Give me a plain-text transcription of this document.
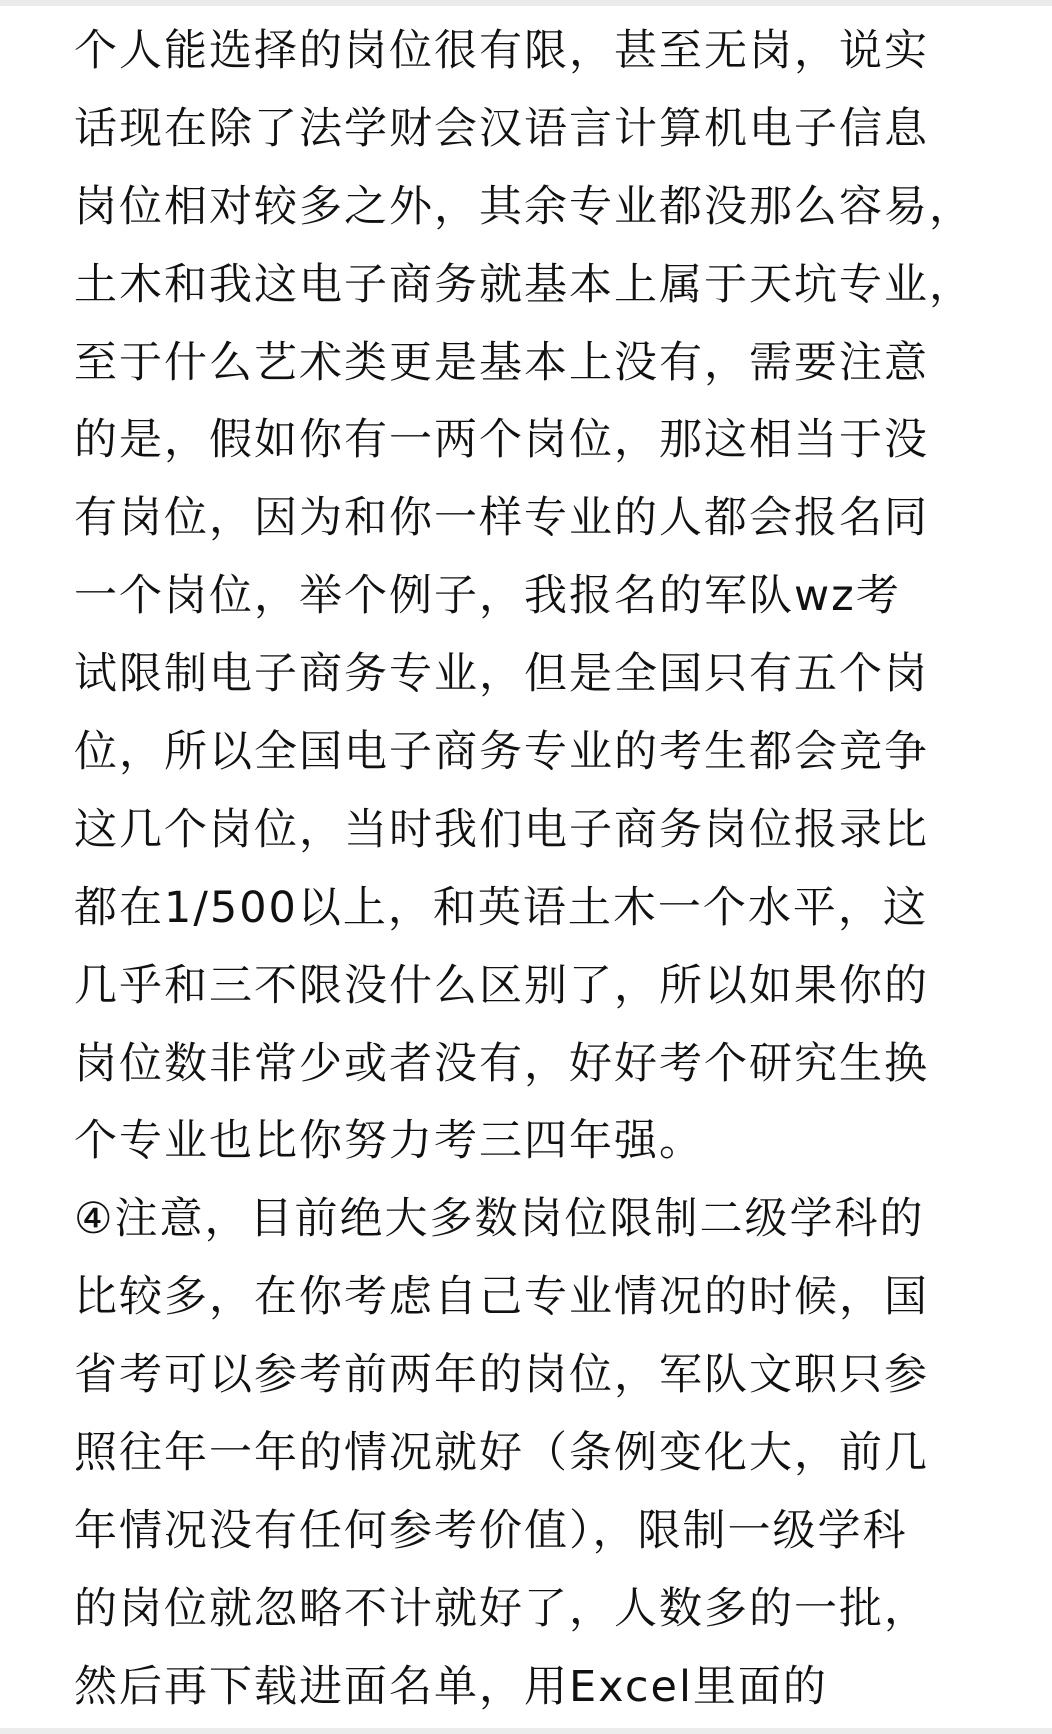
个人能选择的岗位很有限，甚至无岗，说实
话现在除了法学财会汉语言计算机电子信息
岗位相对较多之外，其余专业都没那么容易，
土木和我这电子商务就基本上属于天坑专业，
至于什么艺术类更是基本上没有，需要注意
的是，假如你有一两个岗位，那这相当于没
有岗位，因为和你一样专业的人都会报名同
一个岗位，举个例子，我报名的军队wz考
试限制电子商务专业，但是全国只有五个岗
位，所以全国电子商务专业的考生都会竞争
这几个岗位，当时我们电子商务岗位报录比
都在1/500以上，和英语土木一个水平，这
几乎和三不限没什么区别了，所以如果你的
岗位数非常少或者没有，好好考个研究生换
个专业也比你努力考三四年强。
④注意，目前绝大多数岗位限制二级学科的
比较多，在你考虑自己专业情况的时候，国
省考可以参考前两年的岗位，军队文职只参
照往年一年的情况就好（条例变化大，前几
年情况没有任何参考价值），限制一级学科
的岗位就忽略不计就好了，人数多的一批，
然后再下载进面名单，用Excel里面的
